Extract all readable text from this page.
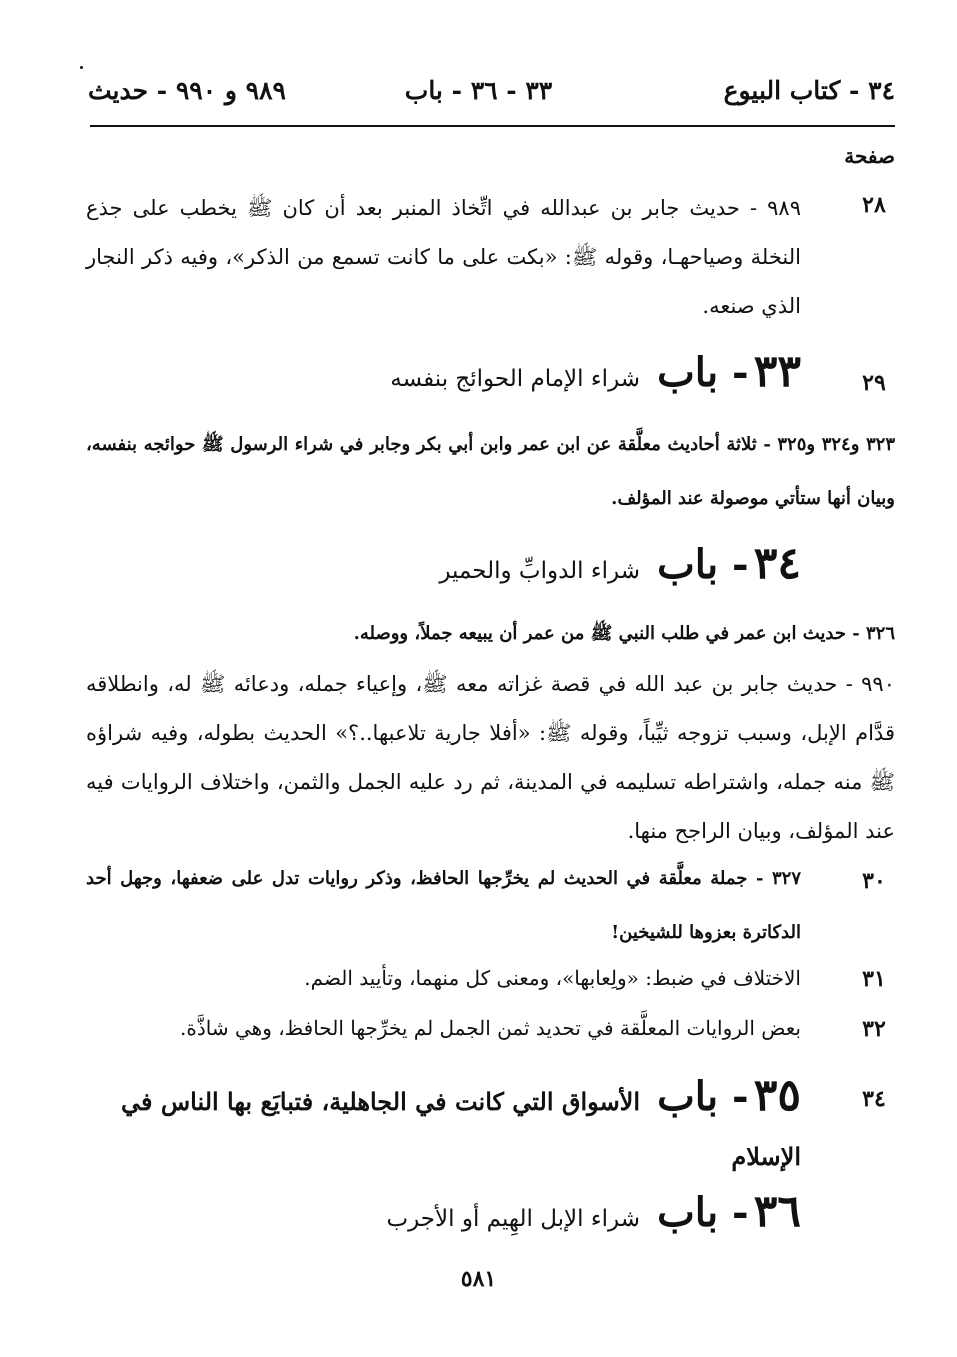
٣٤ - كتاب البيوع
٣٣ - ٣٦ - باب
٩٨٩ و ٩٩٠ - حديث
صفحة
٢٨
٩٨٩ - حديث جابر بن عبدالله في اتِّخاذ المنبر بعد أن كان ﷺ يخطب على جذع النخلة وصياحهـا، وقوله ﷺ: «بكت على ما كانت تسمع من الذكر»، وفيه ذكر النجار الذي صنعه.
٢٩
٣٣ - باب شراء الإمام الحوائج بنفسه
٣٢٣ و٣٢٤ و٣٢٥ - ثلاثة أحاديث معلَّقة عن ابن عمر وابن أبي بكر وجابر في شراء الرسول ﷺ حوائجه بنفسه، وبيان أنها ستأتي موصولة عند المؤلف.
٣٤ - باب شراء الدوابِّ والحمير
٣٢٦ - حديث ابن عمر في طلب النبي ﷺ من عمر أن يبيعه جملاً، ووصله.
٩٩٠ - حديث جابر بن عبد الله في قصة غزاته معه ﷺ، وإعياء جمله، ودعائه ﷺ له، وانطلاقه قدَّام الإبل، وسبب تزوجه ثيِّباً، وقوله ﷺ: «أفلا جارية تلاعبها..؟» الحديث بطوله، وفيه شراؤه ﷺ منه جمله، واشتراطه تسليمه في المدينة، ثم رد عليه الجمل والثمن، واختلاف الروايات فيه عند المؤلف، وبيان الراجح منها.
٣٠
٣٢٧ - جملة معلَّقة في الحديث لم يخرِّجها الحافظ، وذكر روايات تدل على ضعفها، وجهل أحد الدكاترة بعزوها للشيخين!
٣١
الاختلاف في ضبط: «ولِعابها»، ومعنى كل منهما، وتأييد الضم.
٣٢
بعض الروايات المعلَّقة في تحديد ثمن الجمل لم يخرِّجها الحافظ، وهي شاذَّة.
٣٤
٣٥ - باب الأسواق التي كانت في الجاهلية، فتبايَع بها الناس في الإسلام
٣٦ - باب شراء الإبل الهِيم أو الأجرب
٥٨١
